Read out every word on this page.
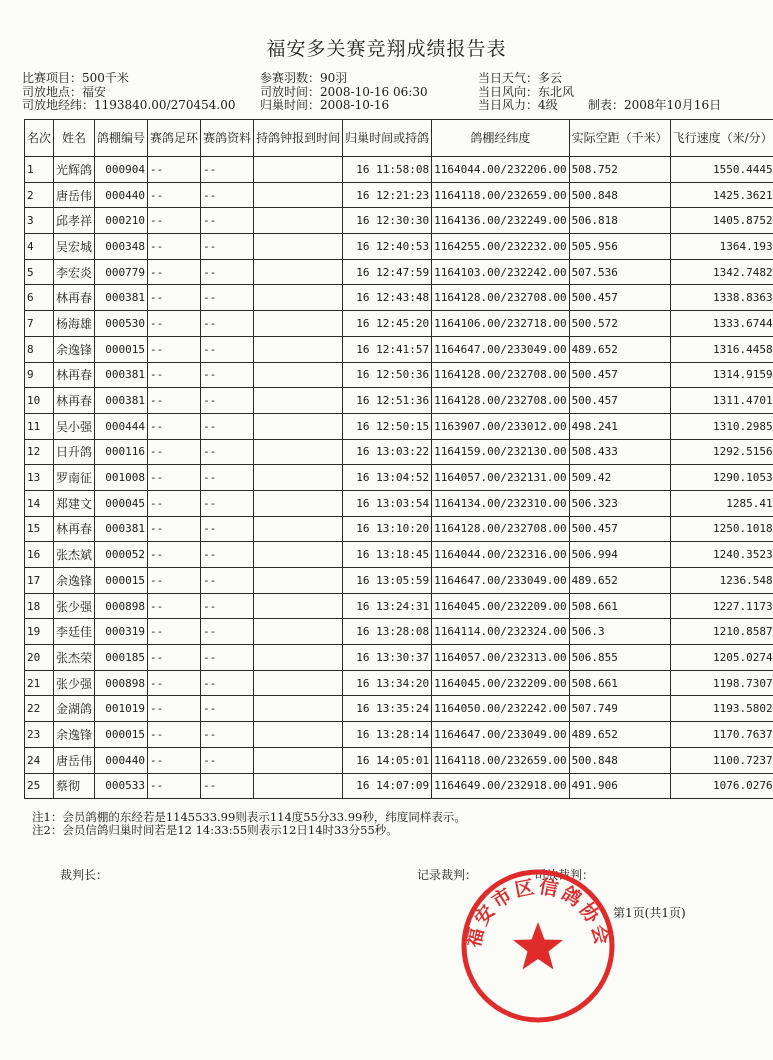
福安多关赛竞翔成绩报告表
比赛项目：500千米
司放地点：福安
司放地经纬：1193840.00/270454.00
参赛羽数：90羽
司放时间：2008-10-16 06:30
归巢时间：2008-10-16
当日天气：多云
当日风向：东北风
当日风力：4级	制表：2008年10月16日
名次	姓名	鸽棚编号	赛鸽足环	赛鸽资料	持鸽钟报到时间	归巢时间或持鸽	鸽棚经纬度	实际空距（千米）	飞行速度（米/分）
1	光辉鸽	000904	--	--		16 11:58:08	1164044.00/232206.00	508.752	1550.4445
2	唐岳伟	000440	--	--		16 12:21:23	1164118.00/232659.00	500.848	1425.3621
3	邱孝祥	000210	--	--		16 12:30:30	1164136.00/232249.00	506.818	1405.8752
4	吴宏城	000348	--	--		16 12:40:53	1164255.00/232232.00	505.956	1364.193
5	李宏炎	000779	--	--		16 12:47:59	1164103.00/232242.00	507.536	1342.7482
6	林再春	000381	--	--		16 12:43:48	1164128.00/232708.00	500.457	1338.8363
7	杨海雄	000530	--	--		16 12:45:20	1164106.00/232718.00	500.572	1333.6744
8	余逸锋	000015	--	--		16 12:41:57	1164647.00/233049.00	489.652	1316.4458
9	林再春	000381	--	--		16 12:50:36	1164128.00/232708.00	500.457	1314.9159
10	林再春	000381	--	--		16 12:51:36	1164128.00/232708.00	500.457	1311.4701
11	吴小强	000444	--	--		16 12:50:15	1163907.00/233012.00	498.241	1310.2985
12	日升鸽	000116	--	--		16 13:03:22	1164159.00/232130.00	508.433	1292.5156
13	罗南征	001008	--	--		16 13:04:52	1164057.00/232131.00	509.42	1290.1053
14	郑建文	000045	--	--		16 13:03:54	1164134.00/232310.00	506.323	1285.41
15	林再春	000381	--	--		16 13:10:20	1164128.00/232708.00	500.457	1250.1018
16	张杰斌	000052	--	--		16 13:18:45	1164044.00/232316.00	506.994	1240.3523
17	余逸锋	000015	--	--		16 13:05:59	1164647.00/233049.00	489.652	1236.548
18	张少强	000898	--	--		16 13:24:31	1164045.00/232209.00	508.661	1227.1173
19	李廷佳	000319	--	--		16 13:28:08	1164114.00/232324.00	506.3	1210.8587
20	张杰荣	000185	--	--		16 13:30:37	1164057.00/232313.00	506.855	1205.0274
21	张少强	000898	--	--		16 13:34:20	1164045.00/232209.00	508.661	1198.7307
22	金湖鸽	001019	--	--		16 13:35:24	1164050.00/232242.00	507.749	1193.5802
23	余逸锋	000015	--	--		16 13:28:14	1164647.00/233049.00	489.652	1170.7637
24	唐岳伟	000440	--	--		16 14:05:01	1164118.00/232659.00	500.848	1100.7237
25	蔡彻	000533	--	--		16 14:07:09	1164649.00/232918.00	491.906	1076.0276
注1：会员鸽棚的东经若是1145533.99则表示114度55分33.99秒，纬度同样表示。
注2：会员信鸽归巢时间若是12 14:33:55则表示12日14时33分55秒。
裁判长：	记录裁判：	司放裁判：
第1页(共1页)
福安市区信鸽协会
